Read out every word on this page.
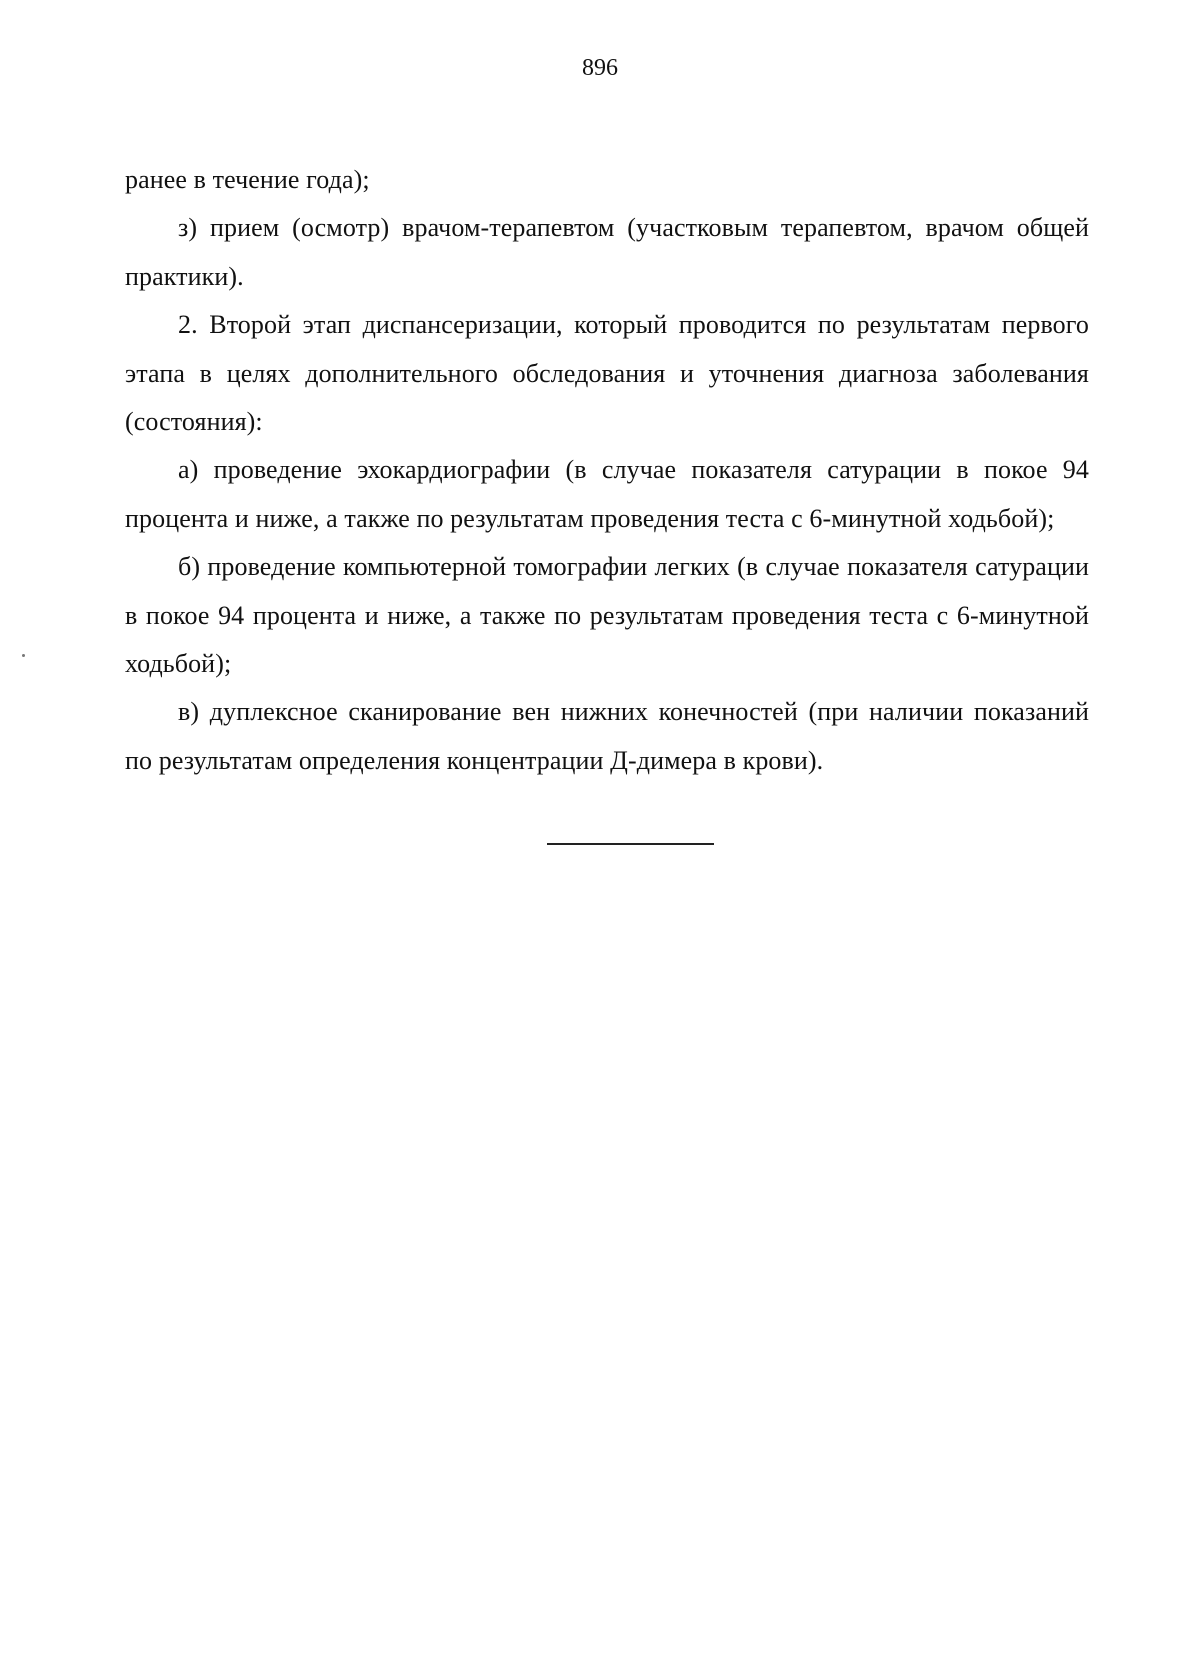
896

ранее в течение года);

з) прием (осмотр) врачом-терапевтом (участковым терапевтом, врачом общей практики).

2. Второй этап диспансеризации, который проводится по результатам первого этапа в целях дополнительного обследования и уточнения диагноза заболевания (состояния):

а) проведение эхокардиографии (в случае показателя сатурации в покое 94 процента и ниже, а также по результатам проведения теста с 6-минутной ходьбой);

б) проведение компьютерной томографии легких (в случае показателя сатурации в покое 94 процента и ниже, а также по результатам проведения теста с 6-минутной ходьбой);

в) дуплексное сканирование вен нижних конечностей (при наличии показаний по результатам определения концентрации Д-димера в крови).
